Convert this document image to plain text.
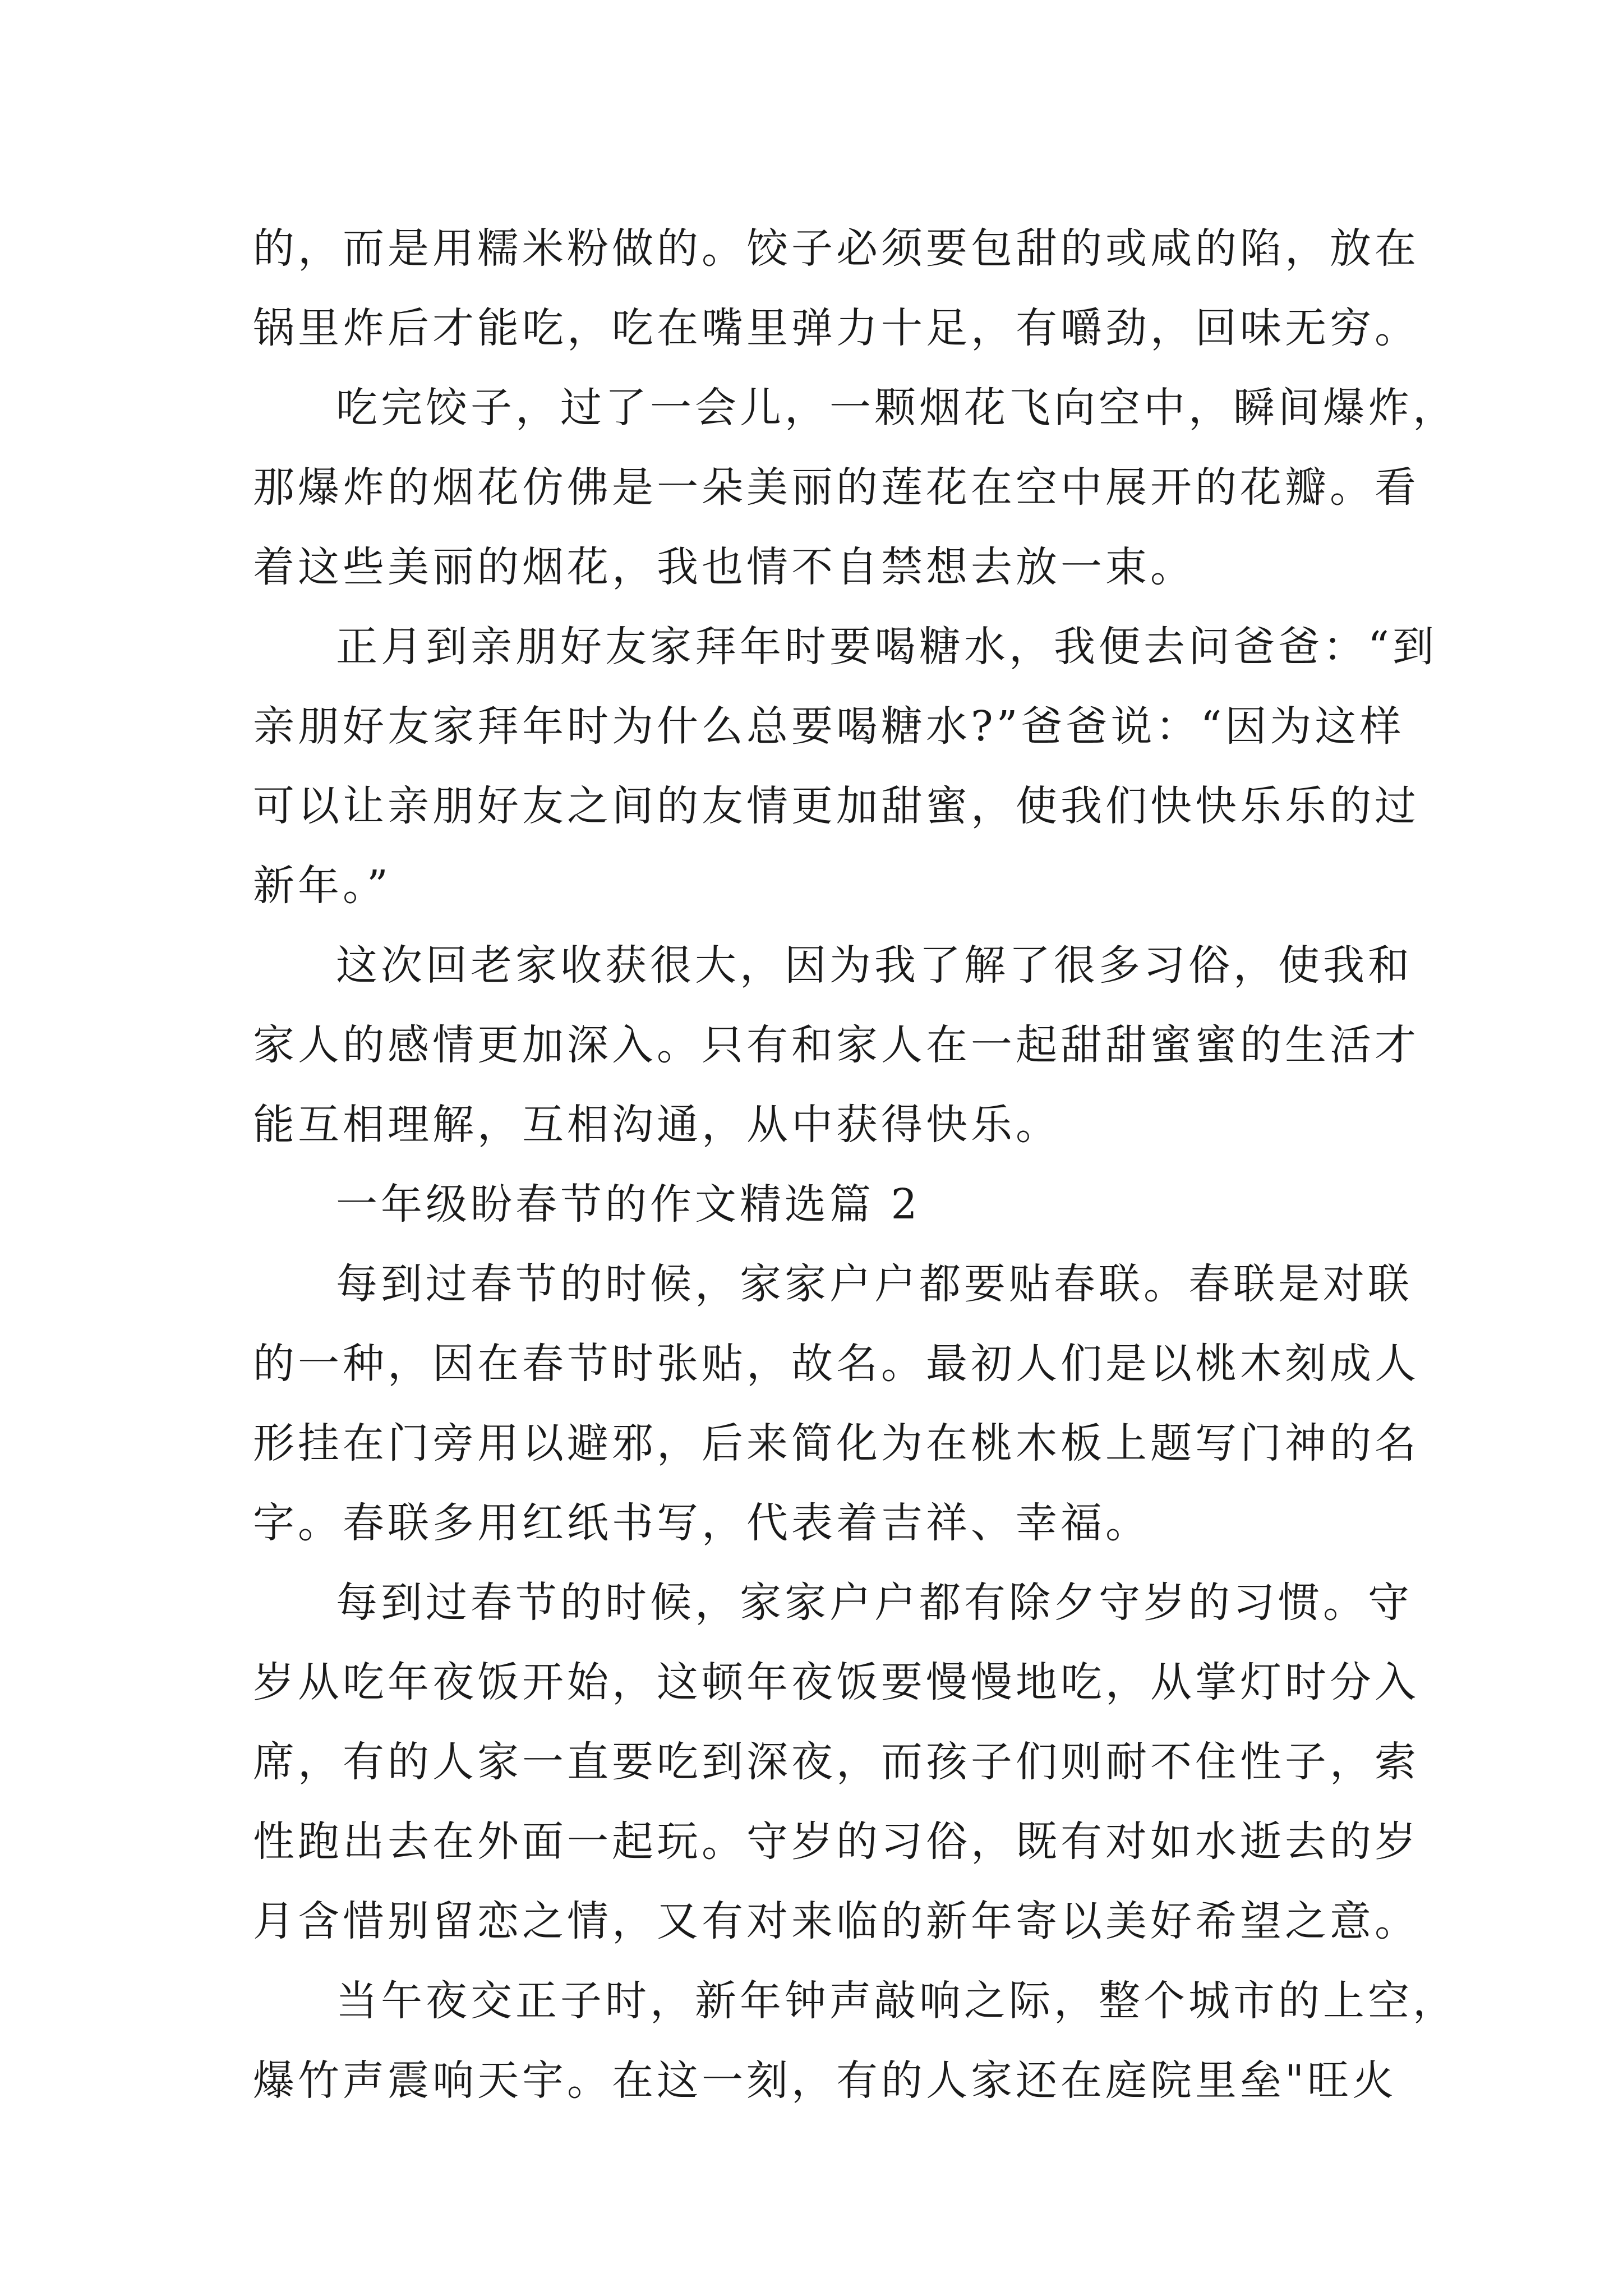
的，而是用糯米粉做的。饺子必须要包甜的或咸的陷，放在
锅里炸后才能吃，吃在嘴里弹力十足，有嚼劲，回味无穷。
吃完饺子，过了一会儿，一颗烟花飞向空中，瞬间爆炸，
那爆炸的烟花仿佛是一朵美丽的莲花在空中展开的花瓣。看
着这些美丽的烟花，我也情不自禁想去放一束。
正月到亲朋好友家拜年时要喝糖水，我便去问爸爸：“到
亲朋好友家拜年时为什么总要喝糖水?”爸爸说：“因为这样
可以让亲朋好友之间的友情更加甜蜜，使我们快快乐乐的过
新年。”
这次回老家收获很大，因为我了解了很多习俗，使我和
家人的感情更加深入。只有和家人在一起甜甜蜜蜜的生活才
能互相理解，互相沟通，从中获得快乐。
一年级盼春节的作文精选篇 2
每到过春节的时候，家家户户都要贴春联。春联是对联
的一种，因在春节时张贴，故名。最初人们是以桃木刻成人
形挂在门旁用以避邪，后来简化为在桃木板上题写门神的名
字。春联多用红纸书写，代表着吉祥、幸福。
每到过春节的时候，家家户户都有除夕守岁的习惯。守
岁从吃年夜饭开始，这顿年夜饭要慢慢地吃，从掌灯时分入
席，有的人家一直要吃到深夜，而孩子们则耐不住性子，索
性跑出去在外面一起玩。守岁的习俗，既有对如水逝去的岁
月含惜别留恋之情，又有对来临的新年寄以美好希望之意。
当午夜交正子时，新年钟声敲响之际，整个城市的上空，
爆竹声震响天宇。在这一刻，有的人家还在庭院里垒"旺火
